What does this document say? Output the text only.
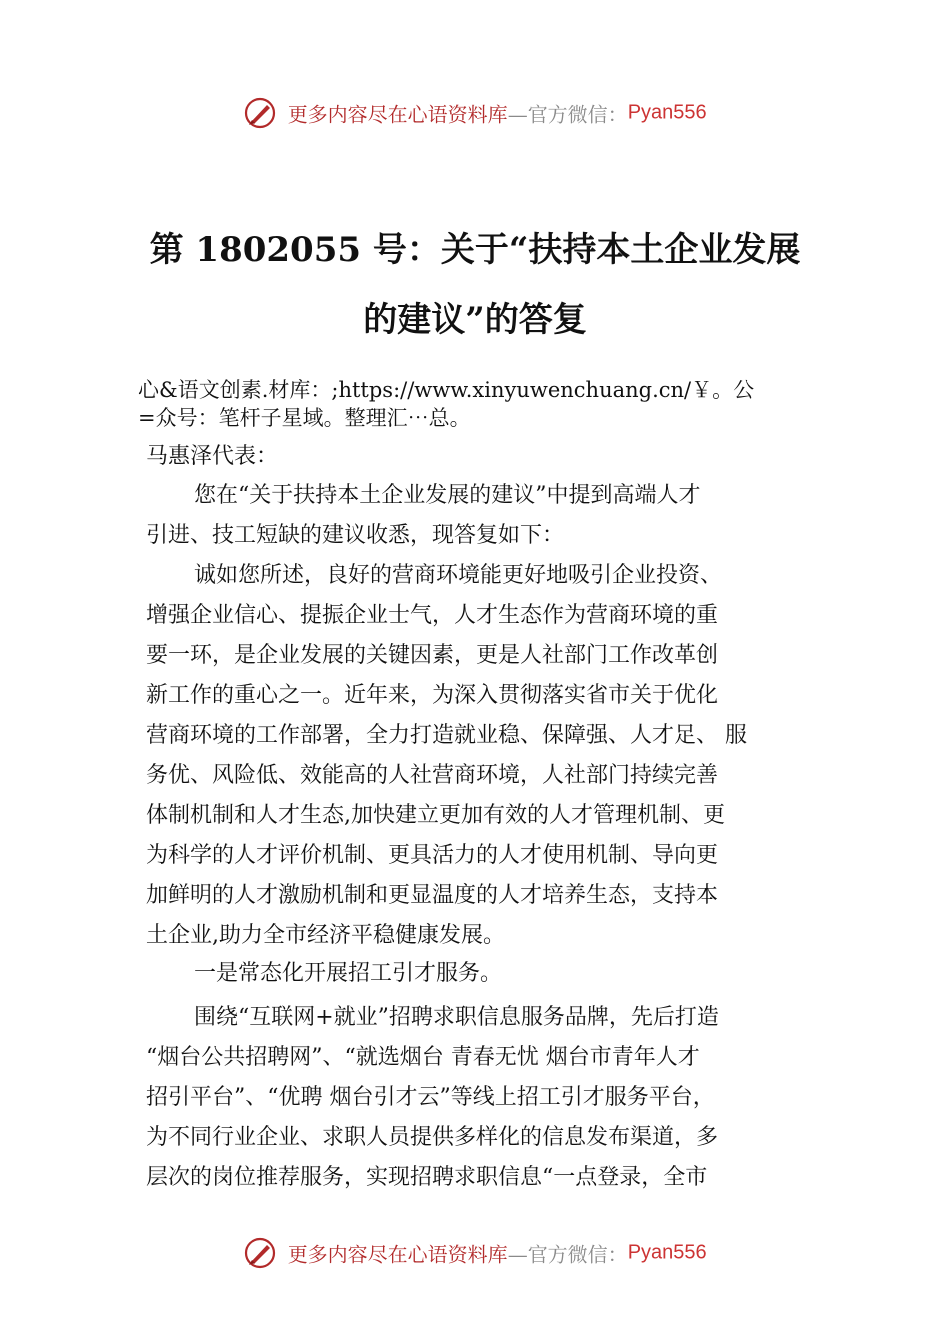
更多内容尽在心语资料库—官方微信：Pyan556
第 1802055 号：关于“扶持本土企业发展
的建议”的答复
心&语文创素.材库：;https://www.xinyuwenchuang.cn/￥。公
=众号：笔杆子星域。整理汇⋯总。
马惠泽代表：
您在“关于扶持本土企业发展的建议”中提到高端人才
引进、技工短缺的建议收悉，现答复如下：
诚如您所述，良好的营商环境能更好地吸引企业投资、
增强企业信心、提振企业士气，人才生态作为营商环境的重
要一环，是企业发展的关键因素，更是人社部门工作改革创
新工作的重心之一。近年来，为深入贯彻落实省市关于优化
营商环境的工作部署，全力打造就业稳、保障强、人才足、 服
务优、风险低、效能高的人社营商环境，人社部门持续完善
体制机制和人才生态,加快建立更加有效的人才管理机制、更
为科学的人才评价机制、更具活力的人才使用机制、导向更
加鲜明的人才激励机制和更显温度的人才培养生态，支持本
土企业,助力全市经济平稳健康发展。
一是常态化开展招工引才服务。
围绕“互联网+就业”招聘求职信息服务品牌，先后打造
“烟台公共招聘网”、“就选烟台 青春无忧 烟台市青年人才
招引平台”、“优聘 烟台引才云”等线上招工引才服务平台，
为不同行业企业、求职人员提供多样化的信息发布渠道，多
层次的岗位推荐服务，实现招聘求职信息“一点登录，全市
更多内容尽在心语资料库—官方微信：Pyan556
